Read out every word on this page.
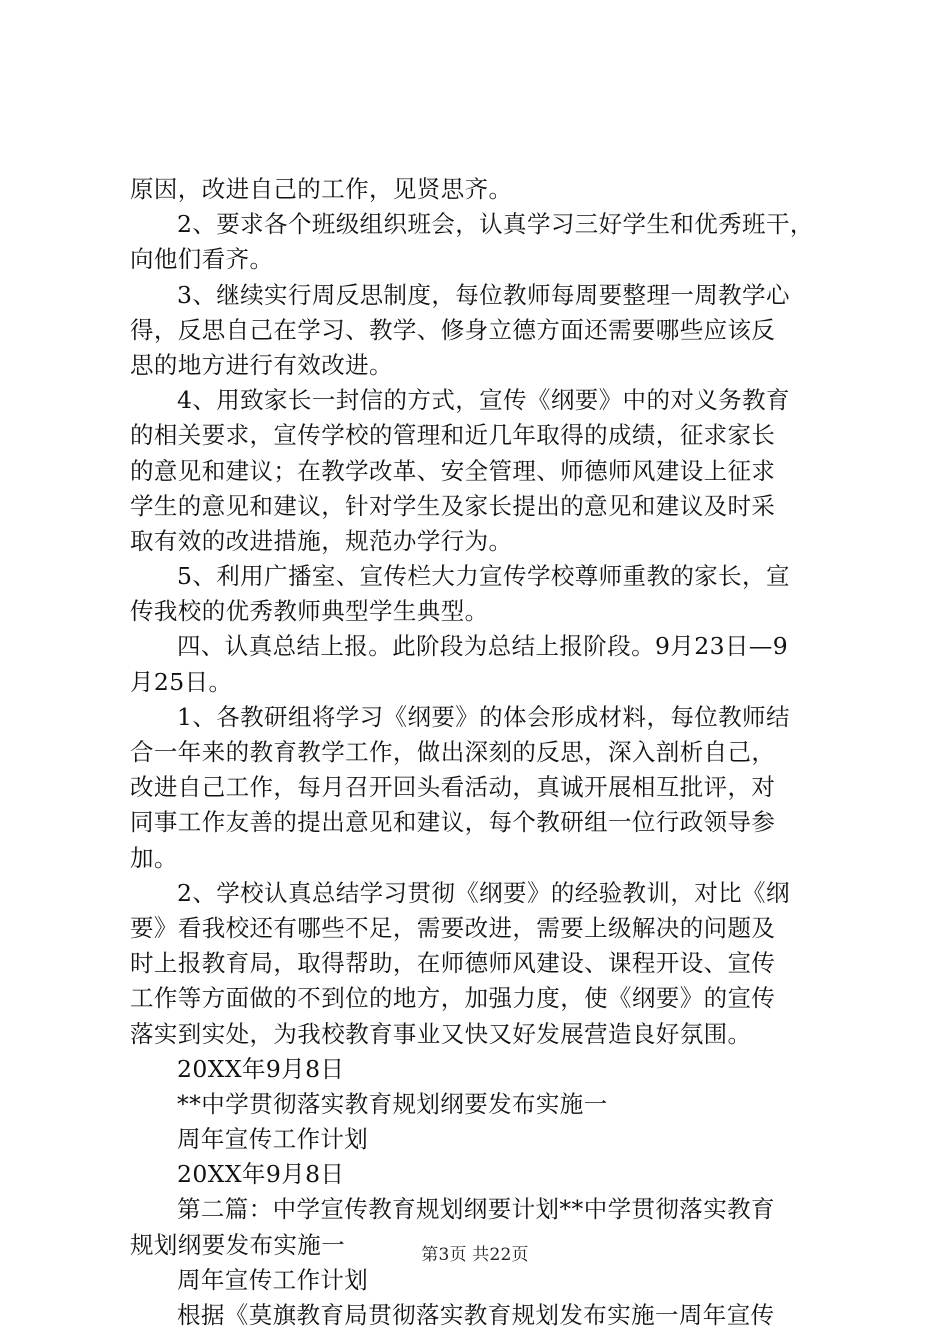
原因，改进自己的工作，见贤思齐。
2、要求各个班级组织班会，认真学习三好学生和优秀班干，
向他们看齐。
3、继续实行周反思制度，每位教师每周要整理一周教学心
得，反思自己在学习、教学、修身立德方面还需要哪些应该反
思的地方进行有效改进。
4、用致家长一封信的方式，宣传《纲要》中的对义务教育
的相关要求，宣传学校的管理和近几年取得的成绩，征求家长
的意见和建议；在教学改革、安全管理、师德师风建设上征求
学生的意见和建议，针对学生及家长提出的意见和建议及时采
取有效的改进措施，规范办学行为。
5、利用广播室、宣传栏大力宣传学校尊师重教的家长，宣
传我校的优秀教师典型学生典型。
四、认真总结上报。此阶段为总结上报阶段。9月23日—9
月25日。
1、各教研组将学习《纲要》的体会形成材料，每位教师结
合一年来的教育教学工作，做出深刻的反思，深入剖析自己，
改进自己工作，每月召开回头看活动，真诚开展相互批评，对
同事工作友善的提出意见和建议，每个教研组一位行政领导参
加。
2、学校认真总结学习贯彻《纲要》的经验教训，对比《纲
要》看我校还有哪些不足，需要改进，需要上级解决的问题及
时上报教育局，取得帮助，在师德师风建设、课程开设、宣传
工作等方面做的不到位的地方，加强力度，使《纲要》的宣传
落实到实处，为我校教育事业又快又好发展营造良好氛围。
20XX年9月8日
**中学贯彻落实教育规划纲要发布实施一
周年宣传工作计划
20XX年9月8日
第二篇：中学宣传教育规划纲要计划**中学贯彻落实教育
规划纲要发布实施一
周年宣传工作计划
根据《莫旗教育局贯彻落实教育规划发布实施一周年宣传
第3页 共22页
